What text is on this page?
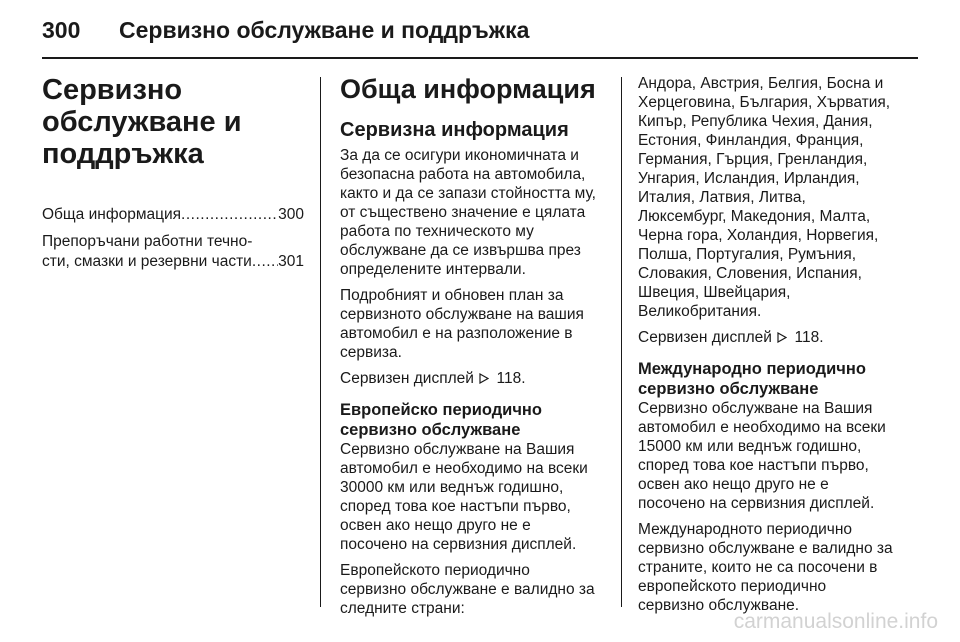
300 Сервизно обслужване и поддръжка
Сервизно
обслужване и
поддръжка
Обща информация .....	300
Препоръчани работни течно-
сти, смазки и резервни части ..... 301
Обща информация
Сервизна информация
За да се осигури икономичната и
безопасна работа на автомобила,
както и да се запази стойността му,
от съществено значение е цялата
работа по техническото му
обслужване да се извършва през
определените интервали.
Подробният и обновен план за
сервизното обслужване на вашия
автомобил е на разположение в
сервиза.
Сервизен дисплей 118.
Европейско периодично
сервизно обслужване
Сервизно обслужване на Вашия
автомобил е необходимо на всеки
30000 км или веднъж годишно,
според това кое настъпи първо,
освен ако нещо друго не е
посочено на сервизния дисплей.
Европейското периодично
сервизно обслужване е валидно за
следните страни:
Андора, Австрия, Белгия, Босна и
Херцеговина, България, Хърватия,
Кипър, Република Чехия, Дания,
Естония, Финландия, Франция,
Германия, Гърция, Гренландия,
Унгария, Исландия, Ирландия,
Италия, Латвия, Литва,
Люксембург, Македония, Малта,
Черна гора, Холандия, Норвегия,
Полша, Португалия, Румъния,
Словакия, Словения, Испания,
Швеция, Швейцария,
Великобритания.
Сервизен дисплей 118.
Международно периодично
сервизно обслужване
Сервизно обслужване на Вашия
автомобил е необходимо на всеки
15000 км или веднъж годишно,
според това кое настъпи първо,
освен ако нещо друго не е
посочено на сервизния дисплей.
Международното периодично
сервизно обслужване е валидно за
страните, които не са посочени в
европейското периодично
сервизно обслужване.
carmanualsonline.info
